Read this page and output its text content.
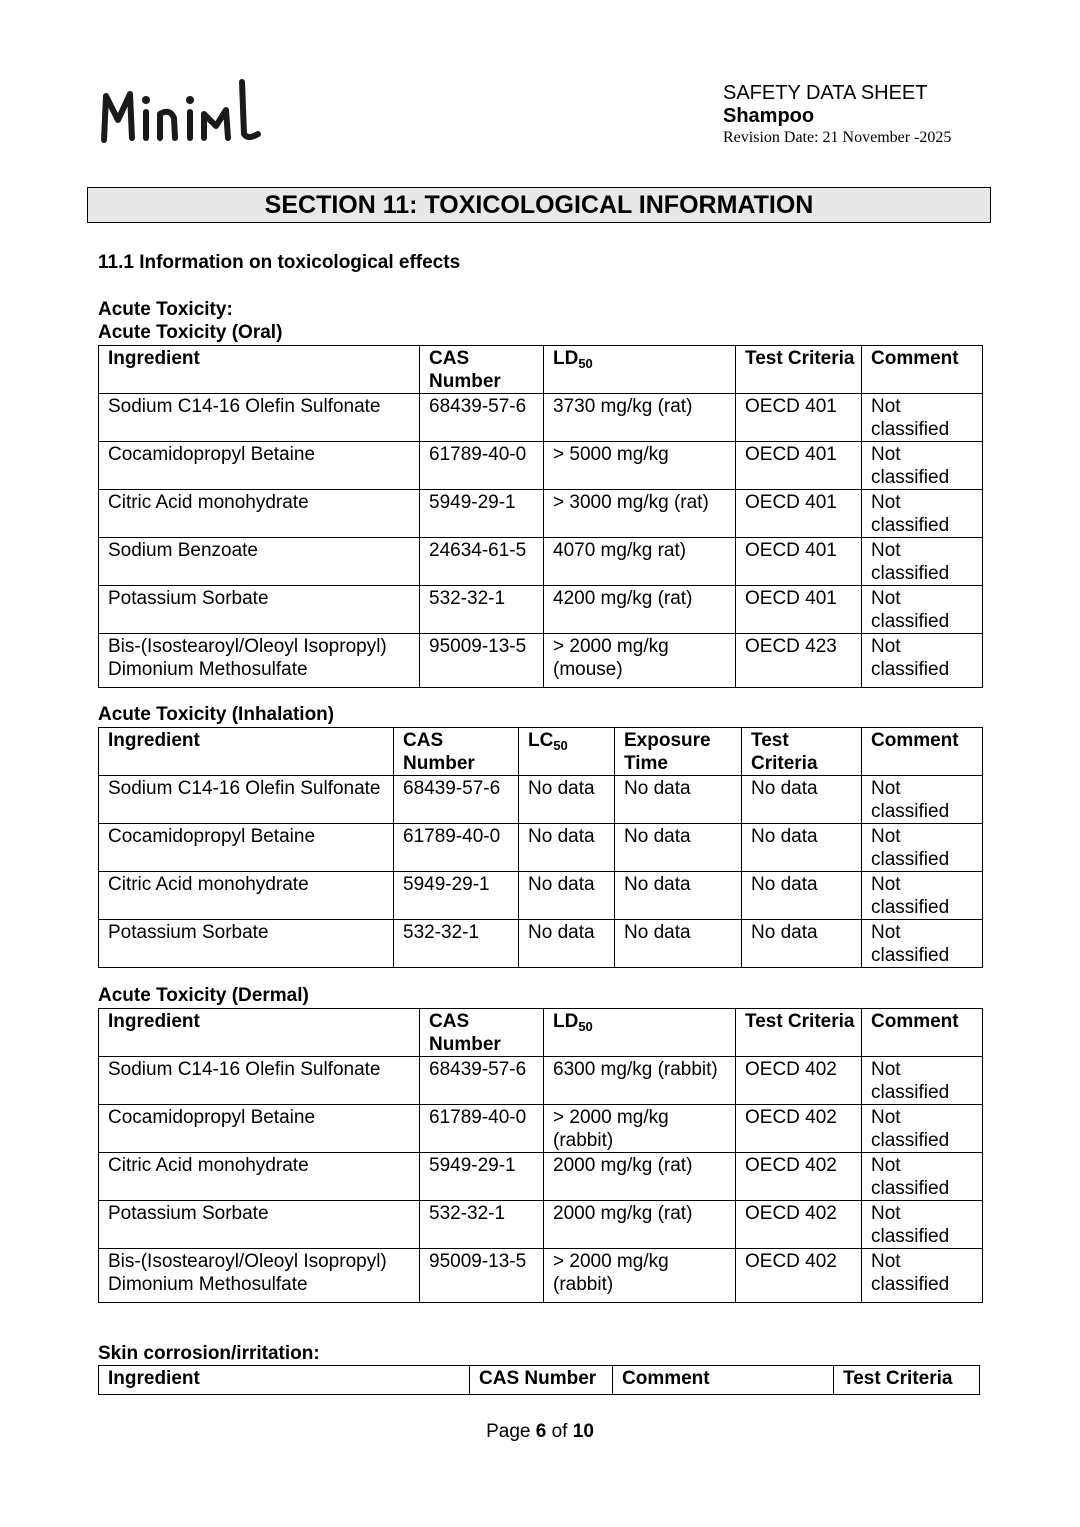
SAFETY DATA SHEET
Shampoo
Revision Date: 21 November -2025
SECTION 11: TOXICOLOGICAL INFORMATION
11.1 Information on toxicological effects
Acute Toxicity:
Acute Toxicity (Oral)
Ingredient	CAS Number	$LD_{50}$	Test Criteria	Comment
Sodium C14-16 Olefin Sulfonate	68439-57-6	3730 mg/kg (rat)	OECD 401	Not classified
Cocamidopropyl Betaine	61789-40-0	> 5000 mg/kg	OECD 401	Not classified
Citric Acid monohydrate	5949-29-1	> 3000 mg/kg (rat)	OECD 401	Not classified
Sodium Benzoate	24634-61-5	4070 mg/kg rat)	OECD 401	Not classified
Potassium Sorbate	532-32-1	4200 mg/kg (rat)	OECD 401	Not classified
Bis-(Isostearoyl/Oleoyl Isopropyl) Dimonium Methosulfate	95009-13-5	> 2000 mg/kg (mouse)	OECD 423	Not classified
Acute Toxicity (Inhalation)
Ingredient	CAS Number	$LC_{50}$	Exposure Time	Test Criteria	Comment
Sodium C14-16 Olefin Sulfonate	68439-57-6	No data	No data	No data	Not classified
Cocamidopropyl Betaine	61789-40-0	No data	No data	No data	Not classified
Citric Acid monohydrate	5949-29-1	No data	No data	No data	Not classified
Potassium Sorbate	532-32-1	No data	No data	No data	Not classified
Acute Toxicity (Dermal)
Ingredient	CAS Number	$LD_{50}$	Test Criteria	Comment
Sodium C14-16 Olefin Sulfonate	68439-57-6	6300 mg/kg (rabbit)	OECD 402	Not classified
Cocamidopropyl Betaine	61789-40-0	> 2000 mg/kg (rabbit)	OECD 402	Not classified
Citric Acid monohydrate	5949-29-1	2000 mg/kg (rat)	OECD 402	Not classified
Potassium Sorbate	532-32-1	2000 mg/kg (rat)	OECD 402	Not classified
Bis-(Isostearoyl/Oleoyl Isopropyl) Dimonium Methosulfate	95009-13-5	> 2000 mg/kg (rabbit)	OECD 402	Not classified
Skin corrosion/irritation:
Ingredient	CAS Number	Comment	Test Criteria
Page 6 of 10
